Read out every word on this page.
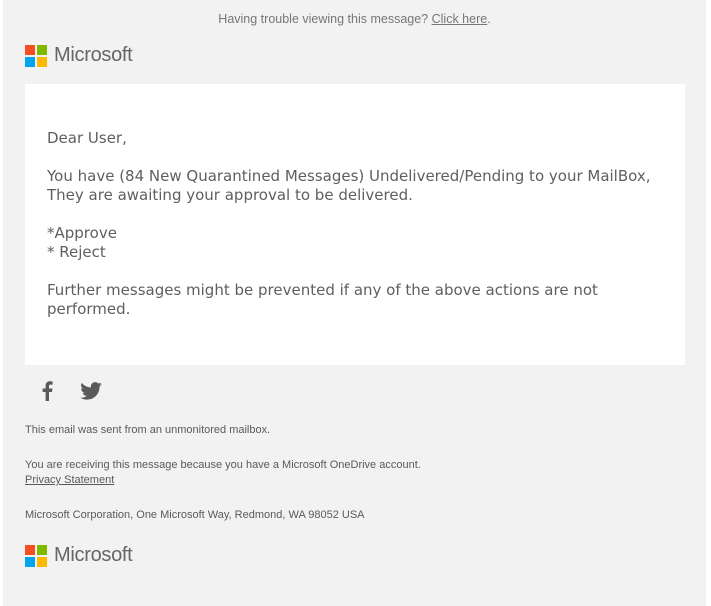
Having trouble viewing this message? Click here.
Microsoft

Dear User,

You have (84 New Quarantined Messages) Undelivered/Pending to your MailBox,
They are awaiting your approval to be delivered.

*Approve
* Reject

Further messages might be prevented if any of the above actions are not
performed.

This email was sent from an unmonitored mailbox.
You are receiving this message because you have a Microsoft OneDrive account.
Privacy Statement
Microsoft Corporation, One Microsoft Way, Redmond, WA 98052 USA
Microsoft
